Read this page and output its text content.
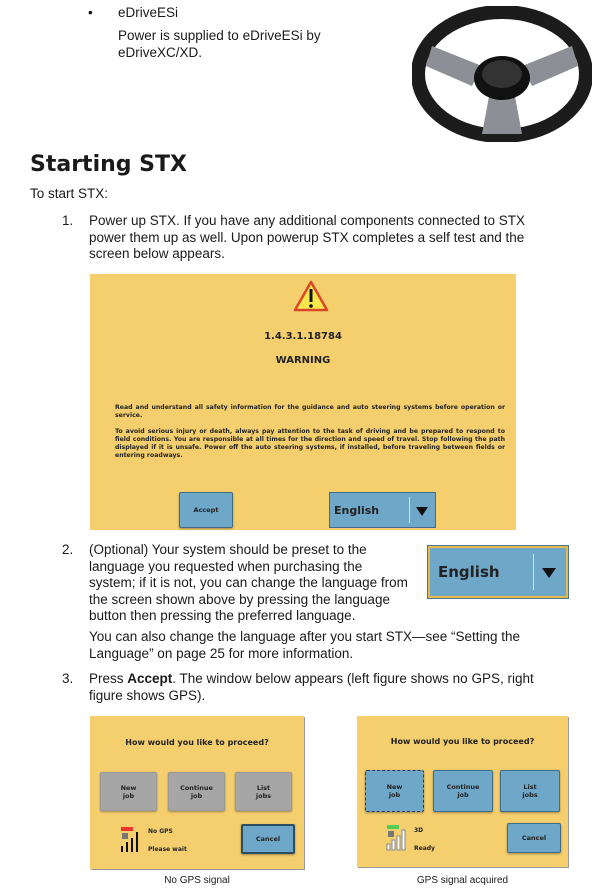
• eDriveESi

Power is supplied to eDriveESi by eDriveXC/XD.

Starting STX

To start STX:

1. Power up STX. If you have any additional components connected to STX power them up as well. Upon powerup STX completes a self test and the screen below appears.

1.4.3.1.18784
WARNING

Read and understand all safety information for the guidance and auto steering systems before operation or service.

To avoid serious injury or death, always pay attention to the task of driving and be prepared to respond to field conditions. You are responsible at all times for the direction and speed of travel. Stop following the path displayed if it is unsafe. Power off the auto steering systems, if installed, before traveling between fields or entering roadways.

Accept	English
2. (Optional) Your system should be preset to the language you requested when purchasing the system; if it is not, you can change the language from the screen shown above by pressing the language button then pressing the preferred language.

English

You can also change the language after you start STX—see “Setting the Language” on page 25 for more information.

3. Press Accept. The window below appears (left figure shows no GPS, right figure shows GPS).

How would you like to proceed?
New
job
Continue
job
List
jobs
No GPS
Please wait
Cancel
No GPS signal
How would you like to proceed?
New
job
Continue
job
List
jobs
3D
Ready
Cancel
GPS signal acquired
